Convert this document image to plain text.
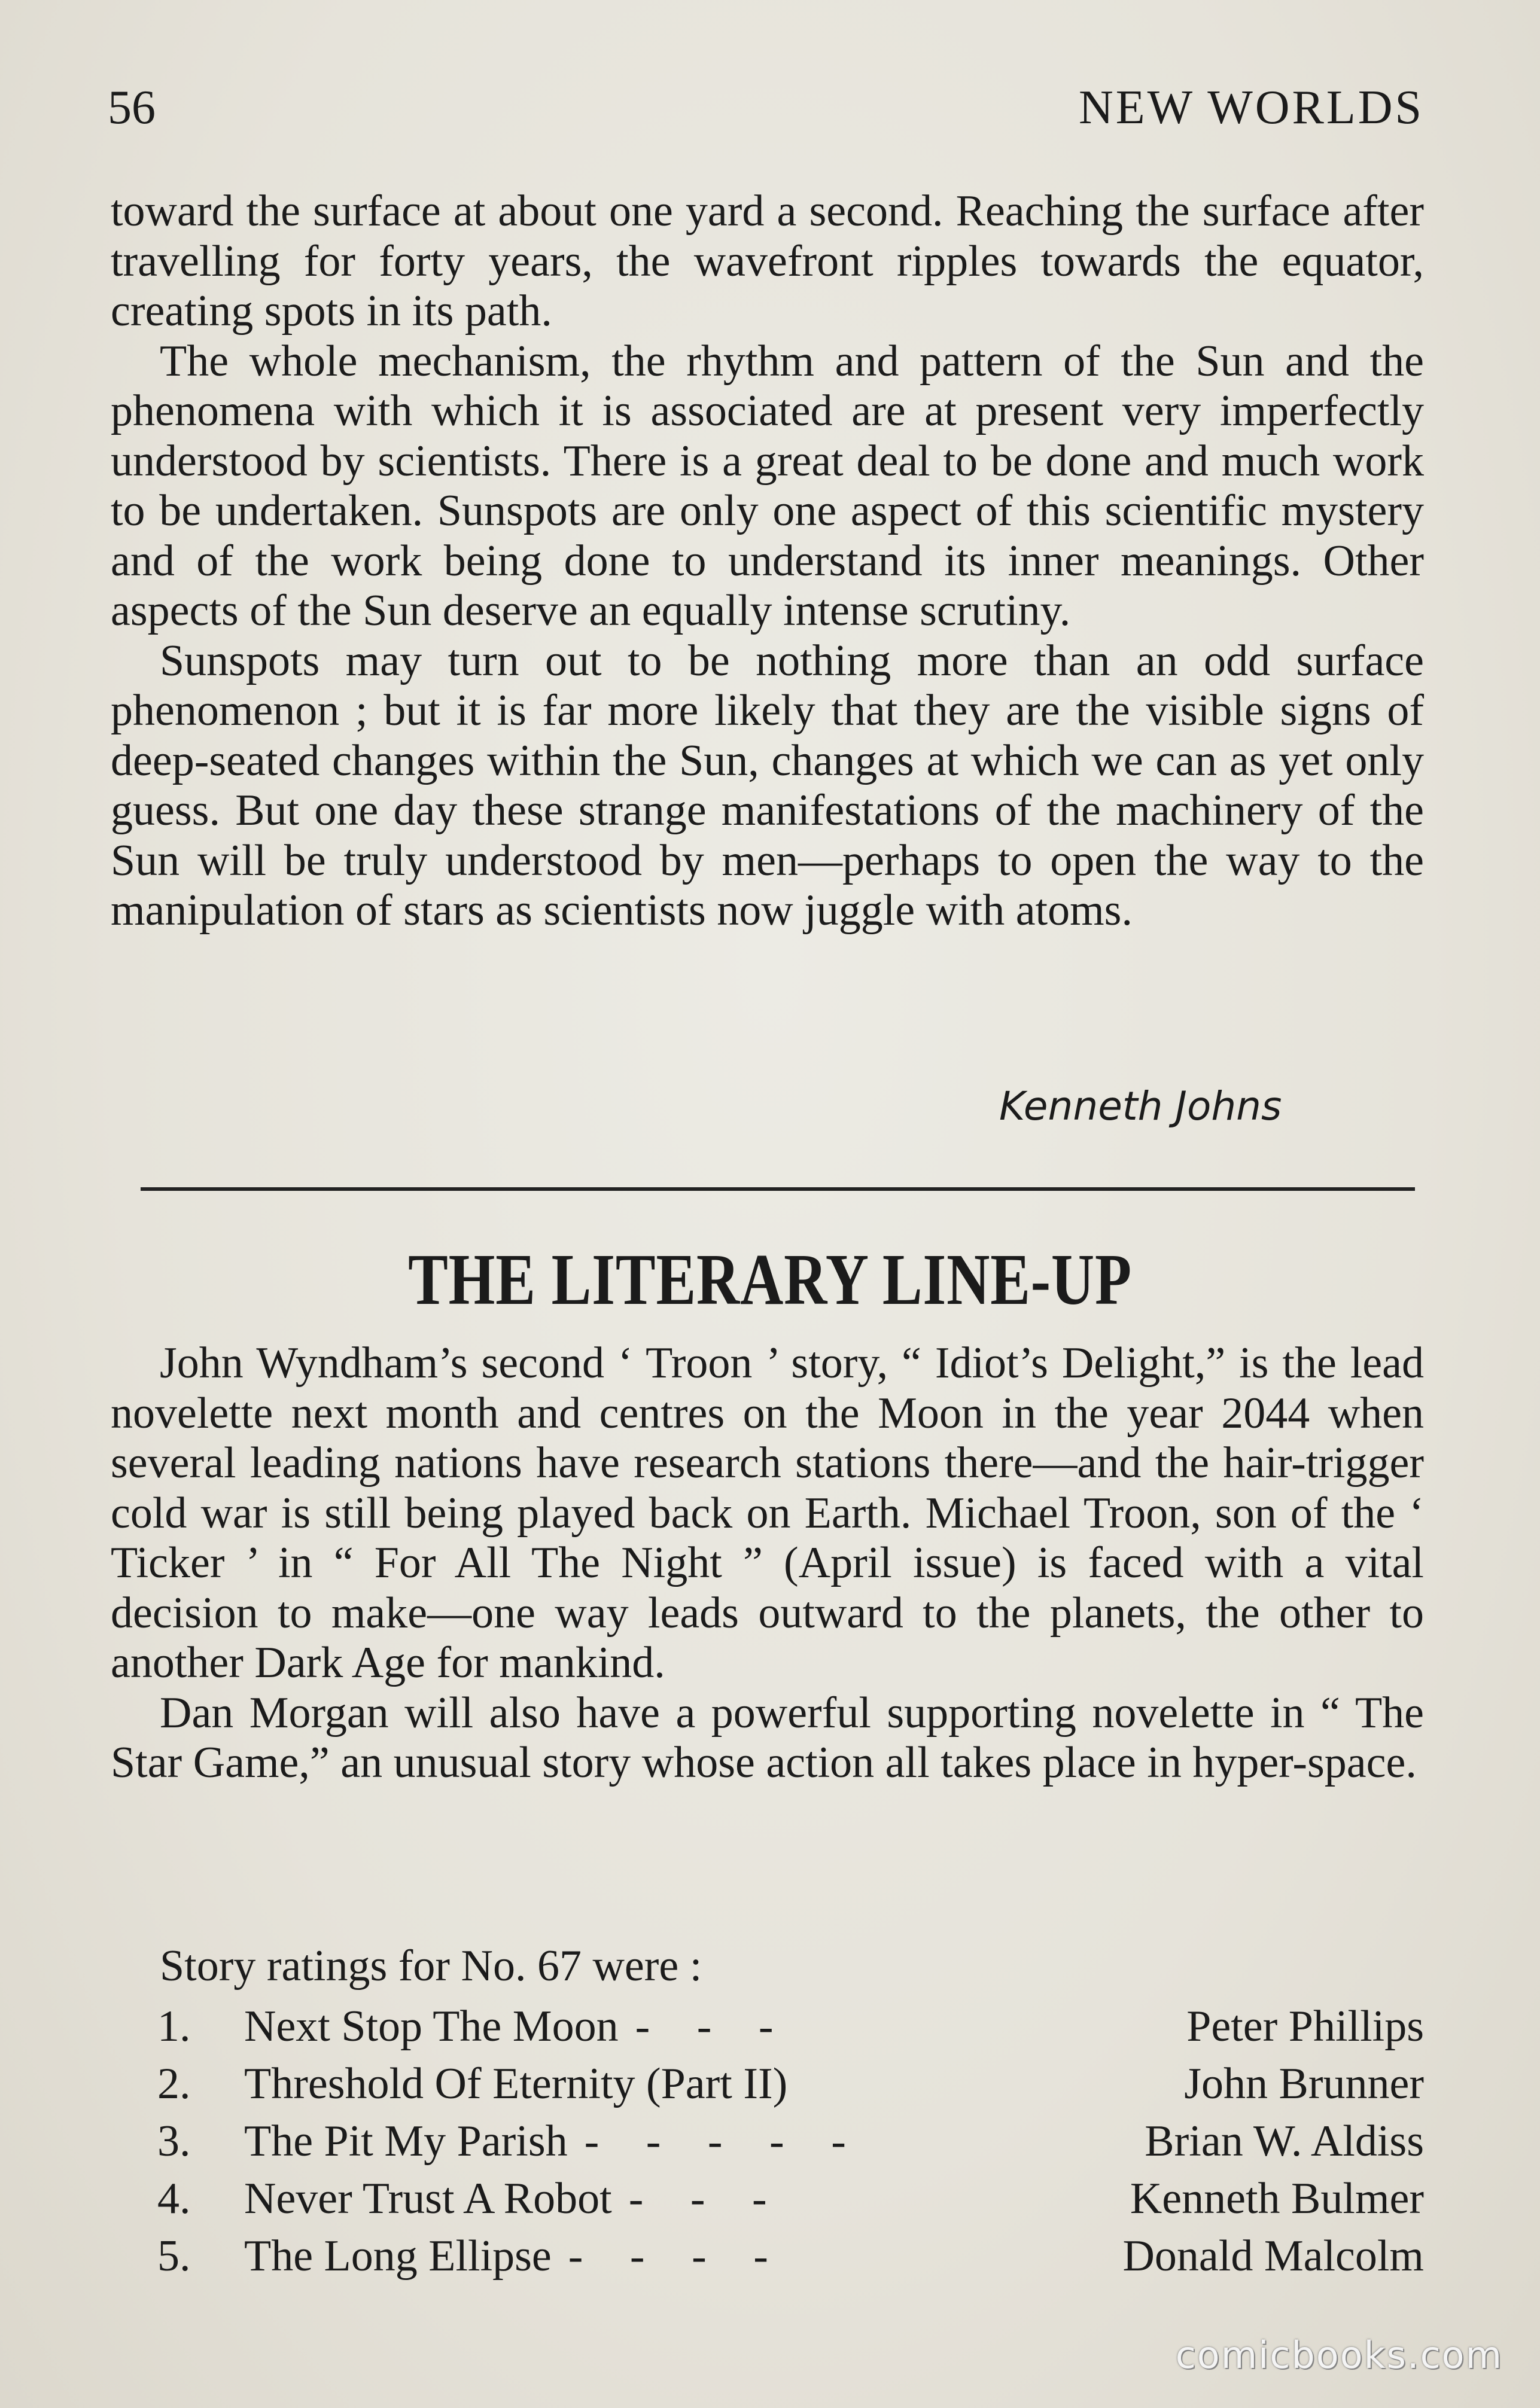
56	NEW WORLDS

toward the surface at about one yard a second. Reaching the surface after travelling for forty years, the wavefront ripples towards the equator, creating spots in its path.

The whole mechanism, the rhythm and pattern of the Sun and the phenomena with which it is associated are at present very imperfectly understood by scientists. There is a great deal to be done and much work to be undertaken. Sunspots are only one aspect of this scientific mystery and of the work being done to understand its inner meanings. Other aspects of the Sun deserve an equally intense scrutiny.

Sunspots may turn out to be nothing more than an odd surface phenomenon ; but it is far more likely that they are the visible signs of deep-seated changes within the Sun, changes at which we can as yet only guess. But one day these strange manifestations of the machinery of the Sun will be truly understood by men—perhaps to open the way to the manipulation of stars as scientists now juggle with atoms.

Kenneth Johns
THE LITERARY LINE-UP

John Wyndham’s second ‘ Troon ’ story, “ Idiot’s Delight,” is the lead novelette next month and centres on the Moon in the year 2044 when several leading nations have research stations there—and the hair-trigger cold war is still being played back on Earth. Michael Troon, son of the ‘ Ticker ’ in “ For All The Night ” (April issue) is faced with a vital decision to make—one way leads outward to the planets, the other to another Dark Age for mankind.

Dan Morgan will also have a powerful supporting novelette in “ The Star Game,” an unusual story whose action all takes place in hyper-space.

Story ratings for No. 67 were :
1.	Next Stop The Moon - - -	Peter Phillips
2.	Threshold Of Eternity (Part II)	John Brunner
3.	The Pit My Parish - - - - -	Brian W. Aldiss
4.	Never Trust A Robot - - -	Kenneth Bulmer
5.	The Long Ellipse - - - -	Donald Malcolm
comicbooks.com
